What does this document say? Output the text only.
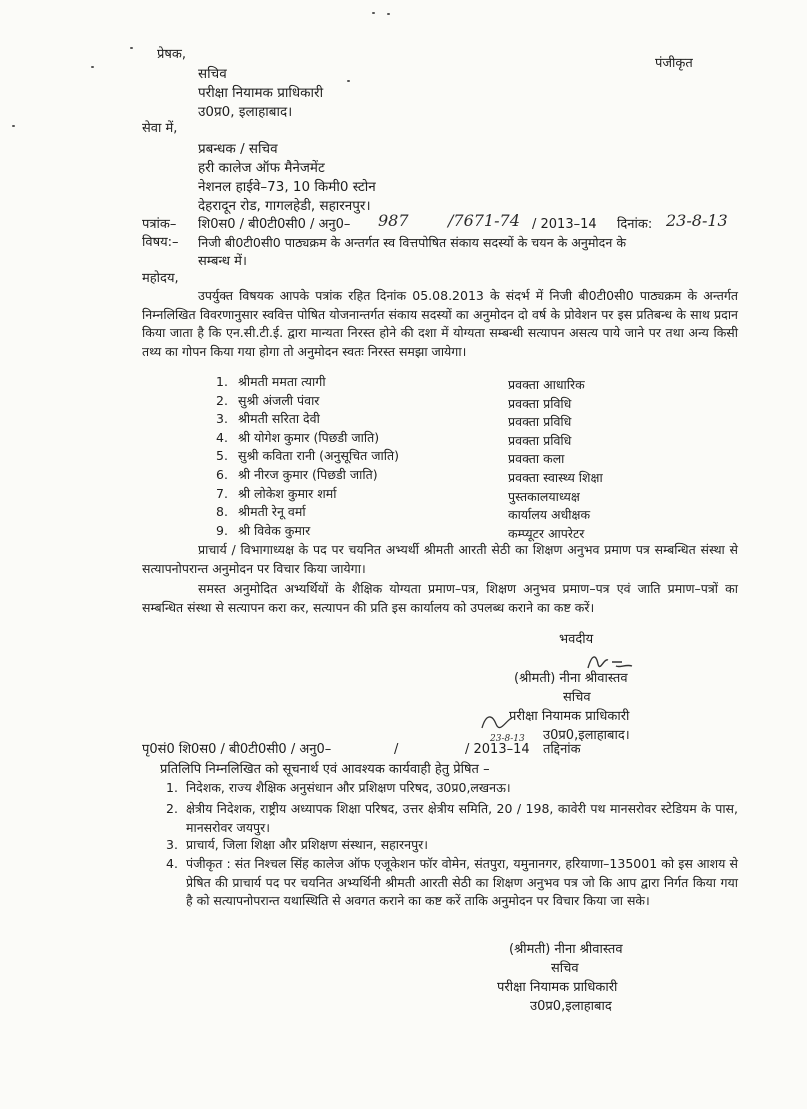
प्रेषक,
सचिव
परीक्षा नियामक प्राधिकारी
उ0प्र0, इलाहाबाद।
पंजीकृत
सेवा में,
प्रबन्धक / सचिव
हरी कालेज ऑफ मैनेजमेंट
नेशनल हाईवे–73, 10 किमी0 स्टोन
देहरादून रोड, गागलहेडी, सहारनपुर।
पत्रांक– शि0स0 / बी0टी0सी0 / अनु0– 987 /7671-74 / 2013–14 दिनांक: 23-8-13
विषय:– निजी बी0टी0सी0 पाठ्यक्रम के अन्तर्गत स्व वित्तपोषित संकाय सदस्यों के चयन के अनुमोदन के
सम्बन्ध में।
महोदय,
उपर्युक्त विषयक आपके पत्रांक रहित दिनांक 05.08.2013 के संदर्भ में निजी बी0टी0सी0 पाठ्यक्रम के अन्तर्गत निम्नलिखित विवरणानुसार स्ववित्त पोषित योजनान्तर्गत संकाय सदस्यों का अनुमोदन दो वर्ष के प्रोवेशन पर इस प्रतिबन्ध के साथ प्रदान किया जाता है कि एन.सी.टी.ई. द्वारा मान्यता निरस्त होने की दशा में योग्यता सम्बन्धी सत्यापन असत्य पाये जाने पर तथा अन्य किसी तथ्य का गोपन किया गया होगा तो अनुमोदन स्वतः निरस्त समझा जायेगा।
1. श्रीमती ममता त्यागी	प्रवक्ता आधारिक
2. सुश्री अंजली पंवार	प्रवक्ता प्रविधि
3. श्रीमती सरिता देवी	प्रवक्ता प्रविधि
4. श्री योगेश कुमार (पिछडी जाति)	प्रवक्ता प्रविधि
5. सुश्री कविता रानी (अनुसूचित जाति)	प्रवक्ता कला
6. श्री नीरज कुमार (पिछडी जाति)	प्रवक्ता स्वास्थ्य शिक्षा
7. श्री लोकेश कुमार शर्मा	पुस्तकालयाध्यक्ष
8. श्रीमती रेनू वर्मा	कार्यालय अधीक्षक
9. श्री विवेक कुमार	कम्प्यूटर आपरेटर
प्राचार्य / विभागाध्यक्ष के पद पर चयनित अभ्यर्थी श्रीमती आरती सेठी का शिक्षण अनुभव प्रमाण पत्र सम्बन्धित संस्था से सत्यापनोपरान्त अनुमोदन पर विचार किया जायेगा।
समस्त अनुमोदित अभ्यर्थियों के शैक्षिक योग्यता प्रमाण–पत्र, शिक्षण अनुभव प्रमाण–पत्र एवं जाति प्रमाण–पत्रों का सम्बन्धित संस्था से सत्यापन करा कर, सत्यापन की प्रति इस कार्यालय को उपलब्ध कराने का कष्ट करें।
भवदीय
(श्रीमती) नीना श्रीवास्तव
सचिव
परीक्षा नियामक प्राधिकारी
उ0प्र0,इलाहाबाद।
23-8-13
पृ0सं0 शि0स0 / बी0टी0सी0 / अनु0–	/	/ 2013–14 तद्दिनांक
प्रतिलिपि निम्नलिखित को सूचनार्थ एवं आवश्यक कार्यवाही हेतु प्रेषित –
1. निदेशक, राज्य शैक्षिक अनुसंधान और प्रशिक्षण परिषद, उ0प्र0,लखनऊ।
2. क्षेत्रीय निदेशक, राष्ट्रीय अध्यापक शिक्षा परिषद, उत्तर क्षेत्रीय समिति, 20 / 198, कावेरी पथ मानसरोवर स्टेडियम के पास, मानसरोवर जयपुर।
3. प्राचार्य, जिला शिक्षा और प्रशिक्षण संस्थान, सहारनपुर।
4. पंजीकृत : संत निश्चल सिंह कालेज ऑफ एजूकेशन फॉर वोमेन, संतपुरा, यमुनानगर, हरियाणा–135001 को इस आशय से प्रेषित की प्राचार्य पद पर चयनित अभ्यर्थिनी श्रीमती आरती सेठी का शिक्षण अनुभव पत्र जो कि आप द्वारा निर्गत किया गया है को सत्यापनोपरान्त यथास्थिति से अवगत कराने का कष्ट करें ताकि अनुमोदन पर विचार किया जा सके।
(श्रीमती) नीना श्रीवास्तव
सचिव
परीक्षा नियामक प्राधिकारी
उ0प्र0,इलाहाबाद
